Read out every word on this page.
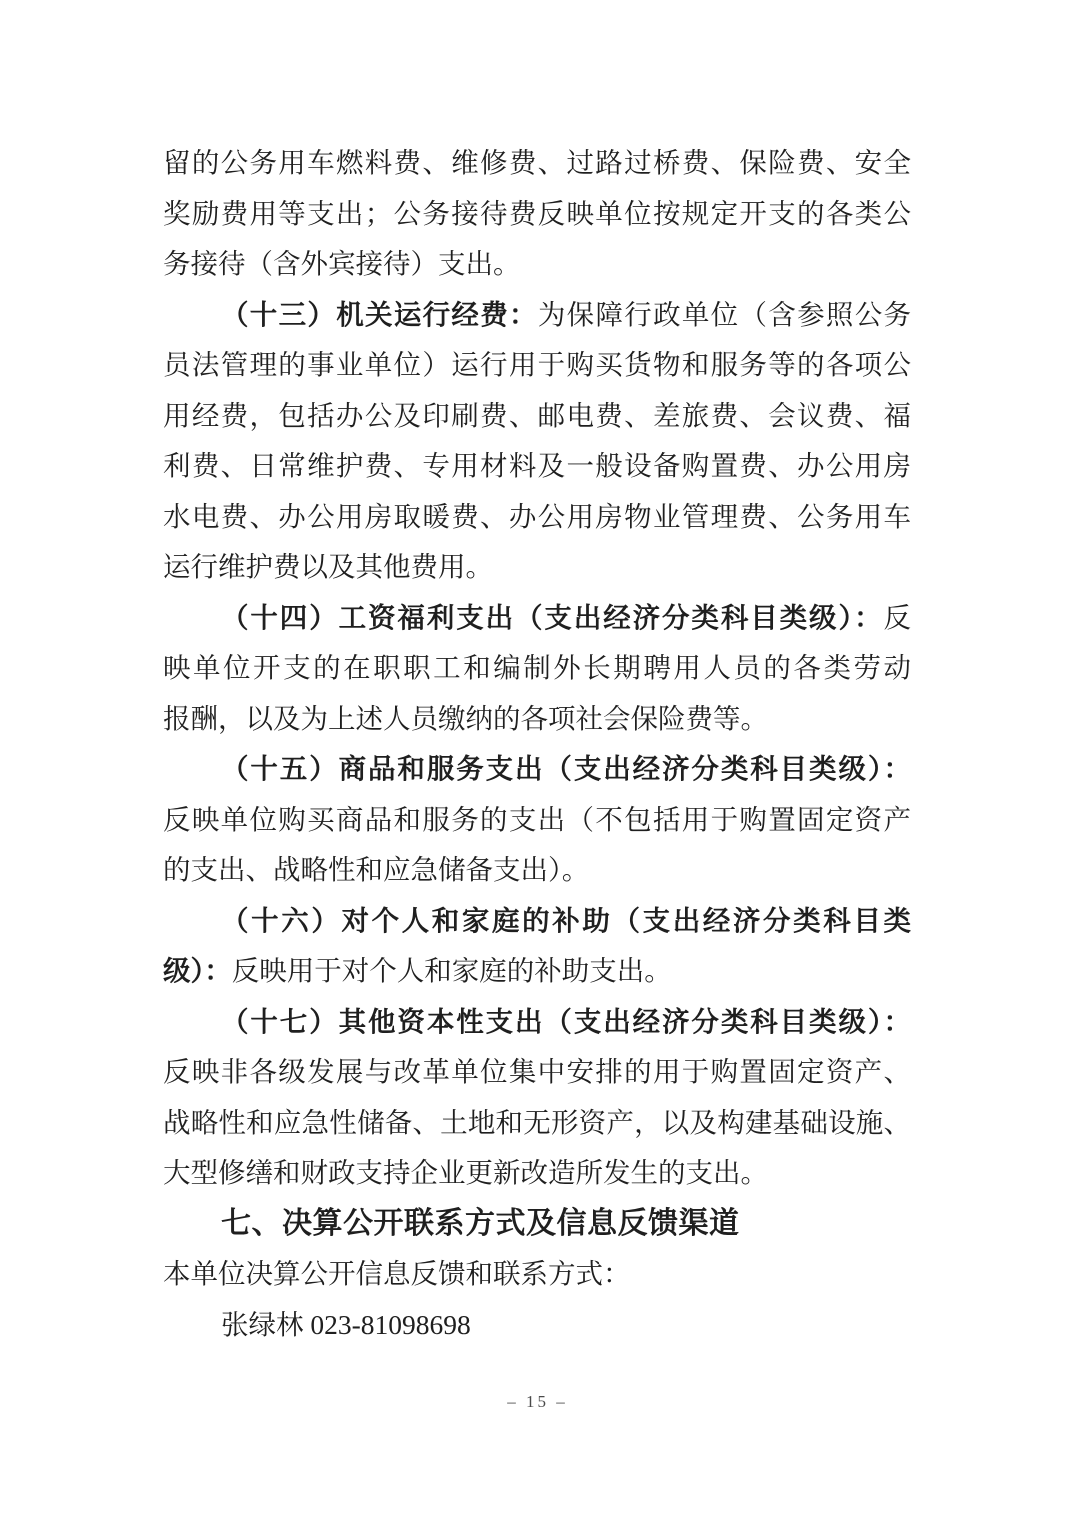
留的公务用车燃料费、维修费、过路过桥费、保险费、安全
奖励费用等支出；公务接待费反映单位按规定开支的各类公
务接待（含外宾接待）支出。
（十三）机关运行经费：为保障行政单位（含参照公务
员法管理的事业单位）运行用于购买货物和服务等的各项公
用经费，包括办公及印刷费、邮电费、差旅费、会议费、福
利费、日常维护费、专用材料及一般设备购置费、办公用房
水电费、办公用房取暖费、办公用房物业管理费、公务用车
运行维护费以及其他费用。
（十四）工资福利支出（支出经济分类科目类级）：反
映单位开支的在职职工和编制外长期聘用人员的各类劳动
报酬，以及为上述人员缴纳的各项社会保险费等。
（十五）商品和服务支出（支出经济分类科目类级）：
反映单位购买商品和服务的支出（不包括用于购置固定资产
的支出、战略性和应急储备支出）。
（十六）对个人和家庭的补助（支出经济分类科目类
级）：反映用于对个人和家庭的补助支出。
（十七）其他资本性支出（支出经济分类科目类级）：
反映非各级发展与改革单位集中安排的用于购置固定资产、
战略性和应急性储备、土地和无形资产，以及构建基础设施、
大型修缮和财政支持企业更新改造所发生的支出。
七、决算公开联系方式及信息反馈渠道
本单位决算公开信息反馈和联系方式：
张绿林 023-81098698
– 15 –
